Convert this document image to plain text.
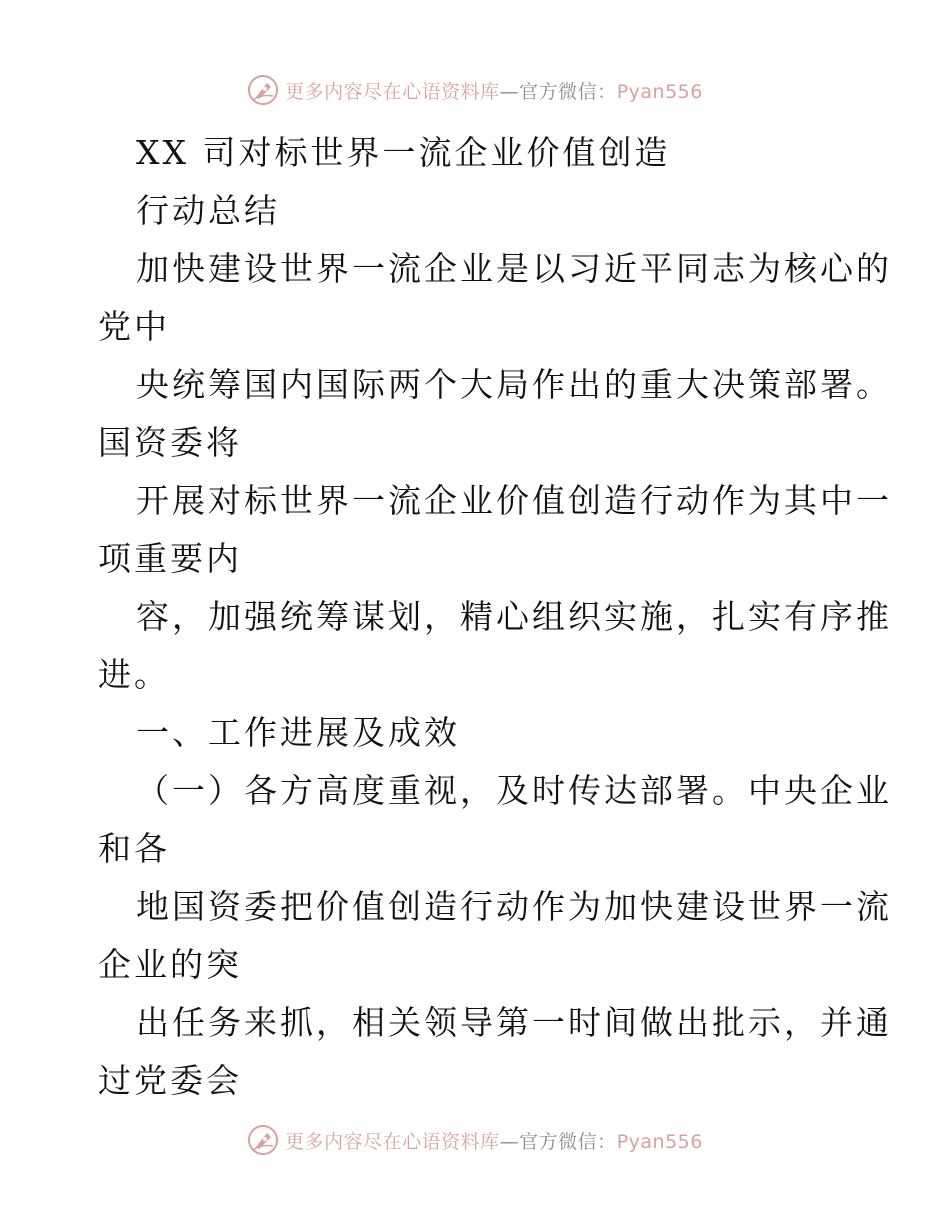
更多内容尽在心语资料库—官方微信：Pyan556
XX 司对标世界一流企业价值创造
行动总结
加快建设世界一流企业是以习近平同志为核心的
党中
央统筹国内国际两个大局作出的重大决策部署。
国资委将
开展对标世界一流企业价值创造行动作为其中一
项重要内
容，加强统筹谋划，精心组织实施，扎实有序推
进。
一、工作进展及成效
（一）各方高度重视，及时传达部署。中央企业
和各
地国资委把价值创造行动作为加快建设世界一流
企业的突
出任务来抓，相关领导第一时间做出批示，并通
过党委会
更多内容尽在心语资料库—官方微信：Pyan556
